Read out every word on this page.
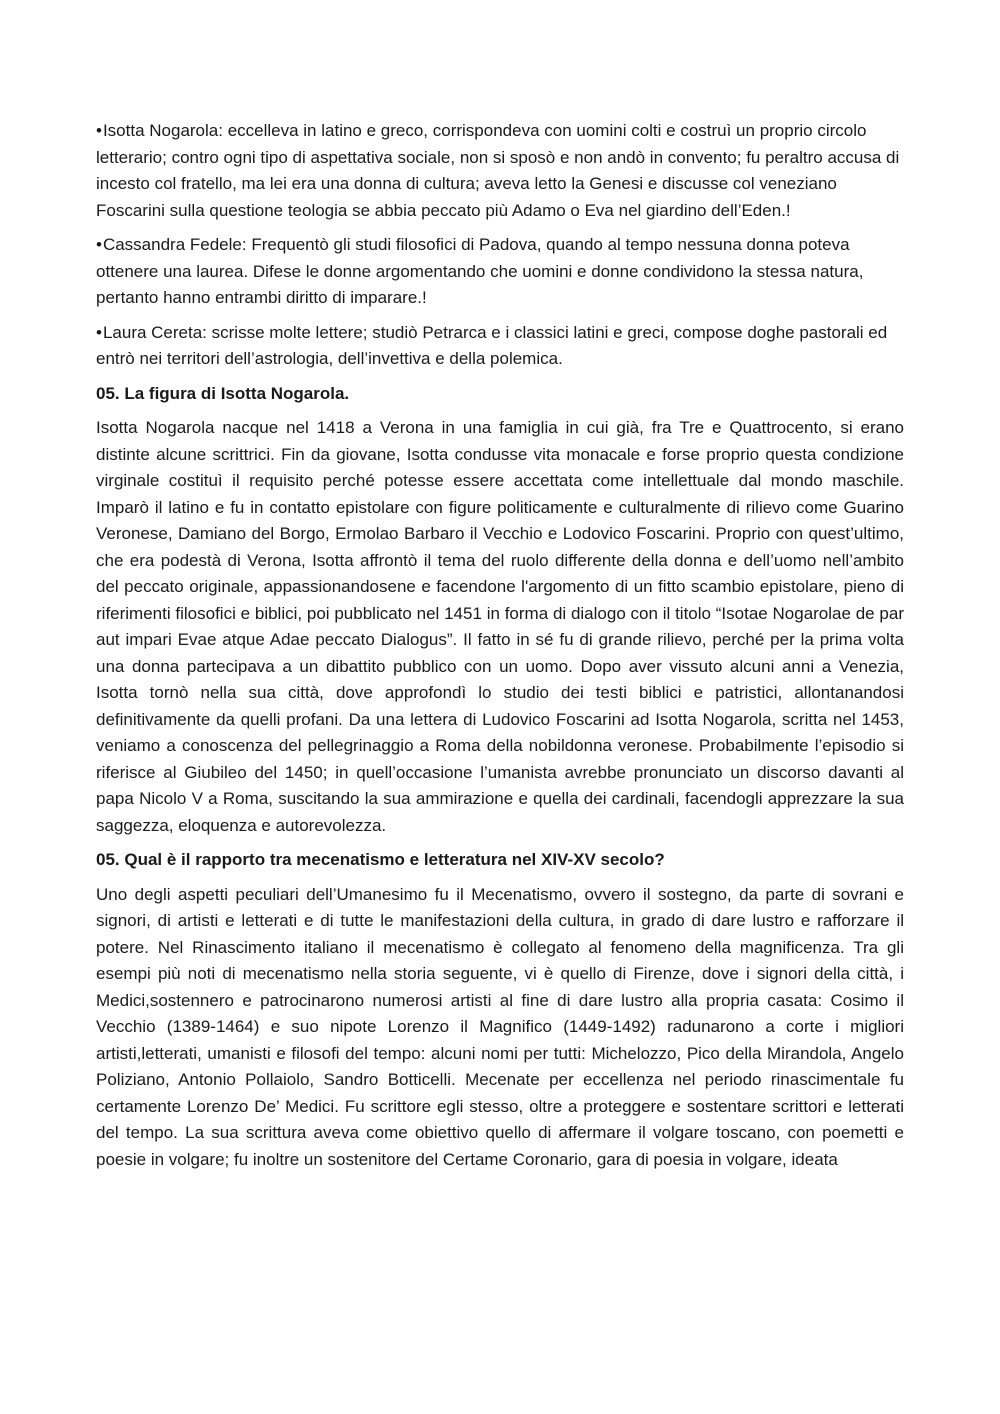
• Isotta Nogarola: eccelleva in latino e greco, corrispondeva con uomini colti e costruì un proprio circolo letterario; contro ogni tipo di aspettativa sociale, non si sposò e non andò in convento; fu peraltro accusa di incesto col fratello, ma lei era una donna di cultura; aveva letto la Genesi e discusse col veneziano Foscarini sulla questione teologia se abbia peccato più Adamo o Eva nel giardino dell’Eden.!

• Cassandra Fedele: Frequentò gli studi filosofici di Padova, quando al tempo nessuna donna poteva ottenere una laurea. Difese le donne argomentando che uomini e donne condividono la stessa natura, pertanto hanno entrambi diritto di imparare.!

• Laura Cereta: scrisse molte lettere; studiò Petrarca e i classici latini e greci, compose doghe pastorali ed entrò nei territori dell’astrologia, dell’invettiva e della polemica.

05. La figura di Isotta Nogarola.

Isotta Nogarola nacque nel 1418 a Verona in una famiglia in cui già, fra Tre e Quattrocento, si erano distinte alcune scrittrici. Fin da giovane, Isotta condusse vita monacale e forse proprio questa condizione virginale costituì il requisito perché potesse essere accettata come intellettuale dal mondo maschile. Imparò il latino e fu in contatto epistolare con figure politicamente e culturalmente di rilievo come Guarino Veronese, Damiano del Borgo, Ermolao Barbaro il Vecchio e Lodovico Foscarini. Proprio con quest’ultimo, che era podestà di Verona, Isotta affrontò il tema del ruolo differente della donna e dell’uomo nell’ambito del peccato originale, appassionandosene e facendone l'argomento di un fitto scambio epistolare, pieno di riferimenti filosofici e biblici, poi pubblicato nel 1451 in forma di dialogo con il titolo “Isotae Nogarolae de par aut impari Evae atque Adae peccato Dialogus”. Il fatto in sé fu di grande rilievo, perché per la prima volta una donna partecipava a un dibattito pubblico con un uomo. Dopo aver vissuto alcuni anni a Venezia, Isotta tornò nella sua città, dove approfondì lo studio dei testi biblici e patristici, allontanandosi definitivamente da quelli profani. Da una lettera di Ludovico Foscarini ad Isotta Nogarola, scritta nel 1453, veniamo a conoscenza del pellegrinaggio a Roma della nobildonna veronese. Probabilmente l’episodio si riferisce al Giubileo del 1450; in quell’occasione l’umanista avrebbe pronunciato un discorso davanti al papa Nicolo V a Roma, suscitando la sua ammirazione e quella dei cardinali, facendogli apprezzare la sua saggezza, eloquenza e autorevolezza.

05. Qual è il rapporto tra mecenatismo e letteratura nel XIV-XV secolo?

Uno degli aspetti peculiari dell’Umanesimo fu il Mecenatismo, ovvero il sostegno, da parte di sovrani e signori, di artisti e letterati e di tutte le manifestazioni della cultura, in grado di dare lustro e rafforzare il potere. Nel Rinascimento italiano il mecenatismo è collegato al fenomeno della magnificenza. Tra gli esempi più noti di mecenatismo nella storia seguente, vi è quello di Firenze, dove i signori della città, i Medici,sostennero e patrocinarono numerosi artisti al fine di dare lustro alla propria casata: Cosimo il Vecchio (1389-1464) e suo nipote Lorenzo il Magnifico (1449-1492) radunarono a corte i migliori artisti,letterati, umanisti e filosofi del tempo: alcuni nomi per tutti: Michelozzo, Pico della Mirandola, Angelo Poliziano, Antonio Pollaiolo, Sandro Botticelli. Mecenate per eccellenza nel periodo rinascimentale fu certamente Lorenzo De’ Medici. Fu scrittore egli stesso, oltre a proteggere e sostentare scrittori e letterati del tempo. La sua scrittura aveva come obiettivo quello di affermare il volgare toscano, con poemetti e poesie in volgare; fu inoltre un sostenitore del Certame Coronario, gara di poesia in volgare, ideata
